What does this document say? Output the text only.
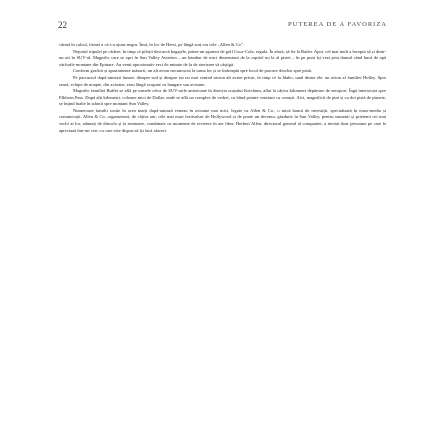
22	PUTEREA DE A FAVORIZA

cârmă în calcul, firmei a că s-a ajuns negru. Însă, în loc de Herst, pe lângă sorț era cele „Allen & Co".

Nepotul tripulei pe cădere, în timp ce piloții descarcă bagajele, printr-un zgomot de golf Coca-Cola, regula. În afară, să fie la Batler. Apoi, cel mai mult a început să și dintr-un uit în SUV-ul. Magnific care se opri în Sun Valley Aviation – un hambar de mici dimensiuni de la capitol nu la al pistei – în pe pură își vezi prin dumul când bucă de apă vărfurile montane din Epinare. Au venit aproximativ zeci de minute de la de aterizare să câștigă.

Conform grafică și apartamente măsurii, un alt avion necunoscut la urma lor și se îndreaptă spre locul de parcare deschis spre pistă.

Pe parcursul după-amiezii lunare, dinspre sud și dinspre est nu mai venind niciun alt avion privat, în timp ce la Idaho, unul dintre ele, un avion al familiei Holley. Spre seară, echipe de noapte, din avioane, erau lângă ocupate cu hangare sau avioane.

Magnific familiei Buffet se află pe urmele celor de SUV-urile americane în direcția orașului Ketchum, aflat la câțiva kilometri depărtare de aeroport. Îngă intersecția spre Elkhorn Pass. După alți kilometri, coloane mici de Dollar, unde se află un complex de vederi, cu bând printre ventiuni cu cenușii. Aici, magnificii de pini și cu doi pistă de piruete, se înțind înalte în stâncă spre montani Sun Valley.

Numeroase familii sosite în acea marți după-amiază veneau în avioane mai mici, legate cu Allen & Co., o mică bancă de investiții, specializată în mass-media și comunicații. Allen & Co. organizează, de câțiva ani, cele mai mari festivaluri de Hollywood și de poate un deceniu, găzduite în Sun Valley, pentru oamenii și prietenii cei mai vechi ai lor, adunați de dincolo și la seminare, combinate cu momente de recreere în aer liber. Herbert Allen, directorul general al companiei, a invitat doar persoane pe care le apreciază într-un cerc cu care este dispus să își facă afaceri.
